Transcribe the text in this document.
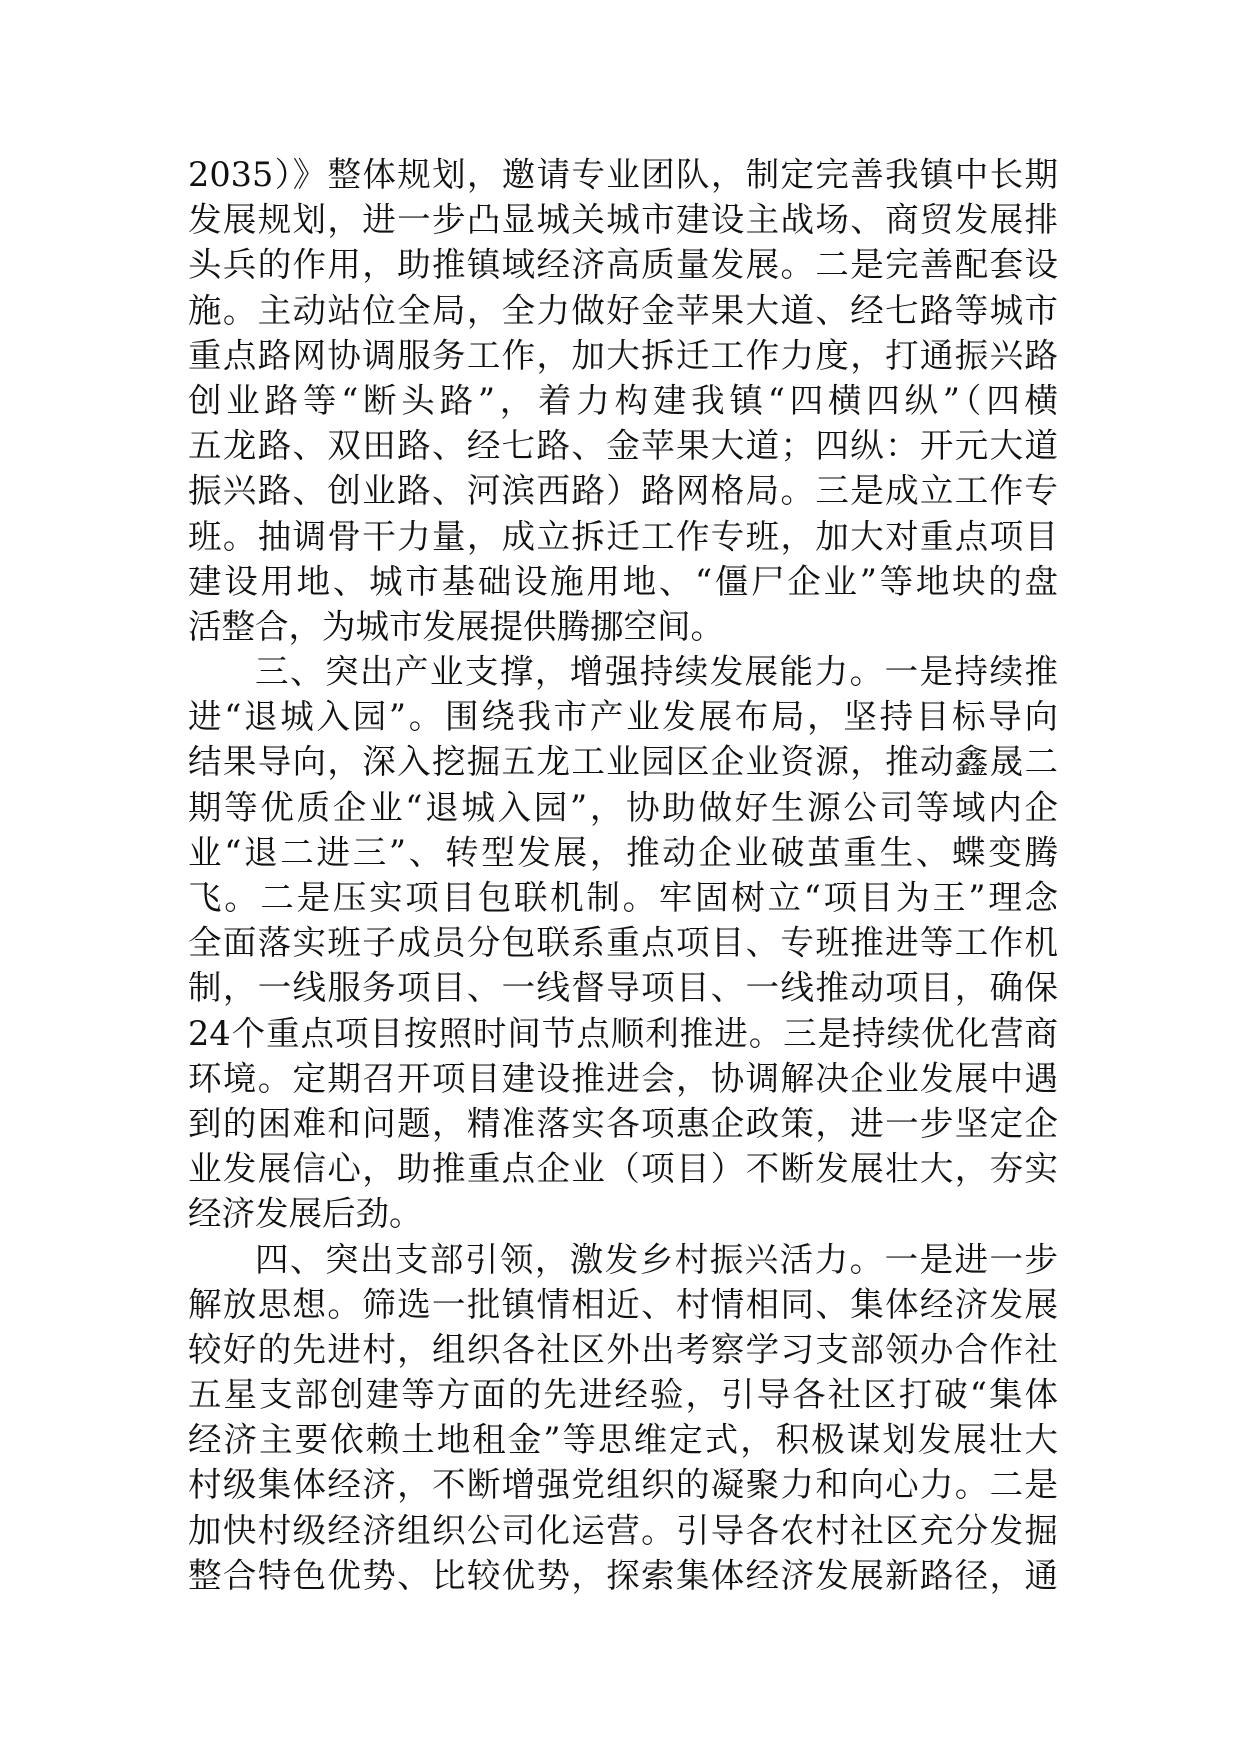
2035）》整体规划，邀请专业团队，制定完善我镇中长期
发展规划，进一步凸显城关城市建设主战场、商贸发展排
头兵的作用，助推镇域经济高质量发展。二是完善配套设
施。主动站位全局，全力做好金苹果大道、经七路等城市
重点路网协调服务工作，加大拆迁工作力度，打通振兴路
创业路等“断头路”，着力构建我镇“四横四纵”（四横
五龙路、双田路、经七路、金苹果大道；四纵：开元大道
振兴路、创业路、河滨西路）路网格局。三是成立工作专
班。抽调骨干力量，成立拆迁工作专班，加大对重点项目
建设用地、城市基础设施用地、“僵尸企业”等地块的盘
活整合，为城市发展提供腾挪空间。
三、突出产业支撑，增强持续发展能力。一是持续推
进“退城入园”。围绕我市产业发展布局，坚持目标导向
结果导向，深入挖掘五龙工业园区企业资源，推动鑫晟二
期等优质企业“退城入园”，协助做好生源公司等域内企
业“退二进三”、转型发展，推动企业破茧重生、蝶变腾
飞。二是压实项目包联机制。牢固树立“项目为王”理念
全面落实班子成员分包联系重点项目、专班推进等工作机
制，一线服务项目、一线督导项目、一线推动项目，确保
24个重点项目按照时间节点顺利推进。三是持续优化营商
环境。定期召开项目建设推进会，协调解决企业发展中遇
到的困难和问题，精准落实各项惠企政策，进一步坚定企
业发展信心，助推重点企业（项目）不断发展壮大，夯实
经济发展后劲。
四、突出支部引领，激发乡村振兴活力。一是进一步
解放思想。筛选一批镇情相近、村情相同、集体经济发展
较好的先进村，组织各社区外出考察学习支部领办合作社
五星支部创建等方面的先进经验，引导各社区打破“集体
经济主要依赖土地租金”等思维定式，积极谋划发展壮大
村级集体经济，不断增强党组织的凝聚力和向心力。二是
加快村级经济组织公司化运营。引导各农村社区充分发掘
整合特色优势、比较优势，探索集体经济发展新路径，通
